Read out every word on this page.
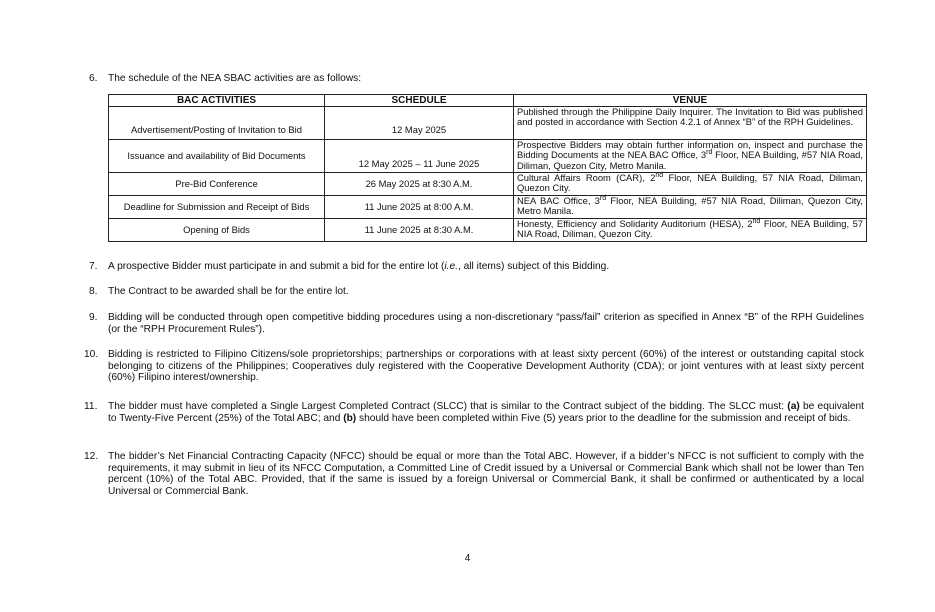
6. The schedule of the NEA SBAC activities are as follows:
BAC ACTIVITIES	SCHEDULE	VENUE
Advertisement/Posting of Invitation to Bid	12 May 2025	Published through the Philippine Daily Inquirer. The Invitation to Bid was published and posted in accordance with Section 4.2.1 of Annex “B” of the RPH Guidelines.
Issuance and availability of Bid Documents	12 May 2025 – 11 June 2025	Prospective Bidders may obtain further information on, inspect and purchase the Bidding Documents at the NEA BAC Office, 3rd Floor, NEA Building, #57 NIA Road, Diliman, Quezon City, Metro Manila.
Pre-Bid Conference	26 May 2025 at 8:30 A.M.	Cultural Affairs Room (CAR), 2nd Floor, NEA Building, 57 NIA Road, Diliman, Quezon City.
Deadline for Submission and Receipt of Bids	11 June 2025 at 8:00 A.M.	NEA BAC Office, 3rd Floor, NEA Building, #57 NIA Road, Diliman, Quezon City, Metro Manila.
Opening of Bids	11 June 2025 at 8:30 A.M.	Honesty, Efficiency and Solidarity Auditorium (HESA), 2nd Floor, NEA Building, 57 NIA Road, Diliman, Quezon City.
7. A prospective Bidder must participate in and submit a bid for the entire lot (i.e., all items) subject of this Bidding.
8. The Contract to be awarded shall be for the entire lot.
9. Bidding will be conducted through open competitive bidding procedures using a non-discretionary “pass/fail” criterion as specified in Annex “B” of the RPH Guidelines (or the “RPH Procurement Rules”).
10. Bidding is restricted to Filipino Citizens/sole proprietorships; partnerships or corporations with at least sixty percent (60%) of the interest or outstanding capital stock belonging to citizens of the Philippines; Cooperatives duly registered with the Cooperative Development Authority (CDA); or joint ventures with at least sixty percent (60%) Filipino interest/ownership.
11. The bidder must have completed a Single Largest Completed Contract (SLCC) that is similar to the Contract subject of the bidding. The SLCC must: (a) be equivalent to Twenty-Five Percent (25%) of the Total ABC; and (b) should have been completed within Five (5) years prior to the deadline for the submission and receipt of bids.
12. The bidder’s Net Financial Contracting Capacity (NFCC) should be equal or more than the Total ABC. However, if a bidder’s NFCC is not sufficient to comply with the requirements, it may submit in lieu of its NFCC Computation, a Committed Line of Credit issued by a Universal or Commercial Bank which shall not be lower than Ten percent (10%) of the Total ABC. Provided, that if the same is issued by a foreign Universal or Commercial Bank, it shall be confirmed or authenticated by a local Universal or Commercial Bank.
4
